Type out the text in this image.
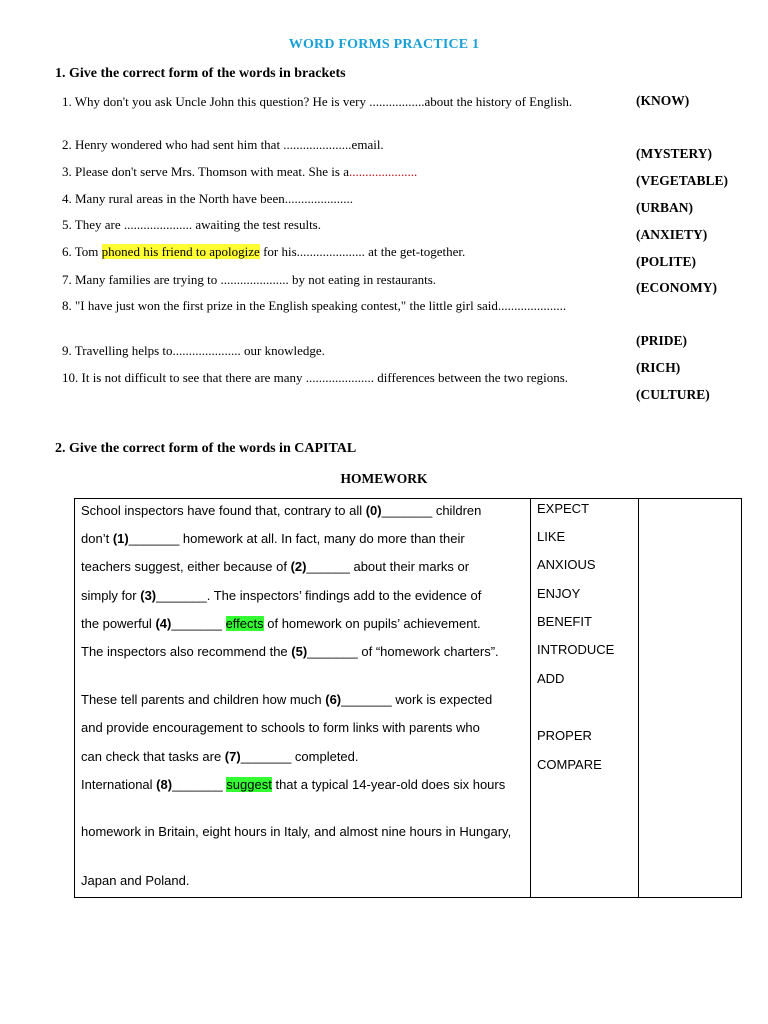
WORD FORMS PRACTICE 1
1. Give the correct form of the words in brackets
1. Why don't you ask Uncle John this question? He is very .................about the history of English.	(KNOW)
2. Henry wondered who had sent him that .....................email.
(MYSTERY)
3. Please don't serve Mrs. Thomson with meat. She is a.....................
(VEGETABLE)
4. Many rural areas in the North have been.....................
(URBAN)
5. They are ..................... awaiting the test results.
(ANXIETY)
6. Tom phoned his friend to apologize for his..................... at the get-together.
(POLITE)
7. Many families are trying to ..................... by not eating in restaurants.
(ECONOMY)
8. "I have just won the first prize in the English speaking contest," the little girl said.....................
(PRIDE)
9. Travelling helps to..................... our knowledge.
(RICH)
10. It is not difficult to see that there are many ..................... differences between the two regions.
(CULTURE)
2. Give the correct form of the words in CAPITAL
HOMEWORK
School inspectors have found that, contrary to all (0)_______ children
don’t (1)_______ homework at all. In fact, many do more than their
teachers suggest, either because of (2)______ about their marks or
simply for (3)_______. The inspectors’ findings add to the evidence of
the powerful (4)_______ effects of homework on pupils’ achievement.
The inspectors also recommend the (5)_______ of “homework charters”.
These tell parents and children how much (6)_______ work is expected
and provide encouragement to schools to form links with parents who
can check that tasks are (7)_______ completed.
International (8)_______ suggest that a typical 14-year-old does six hours
homework in Britain, eight hours in Italy, and almost nine hours in Hungary,
Japan and Poland.
EXPECT
LIKE
ANXIOUS
ENJOY
BENEFIT
INTRODUCE
ADD
PROPER
COMPARE
